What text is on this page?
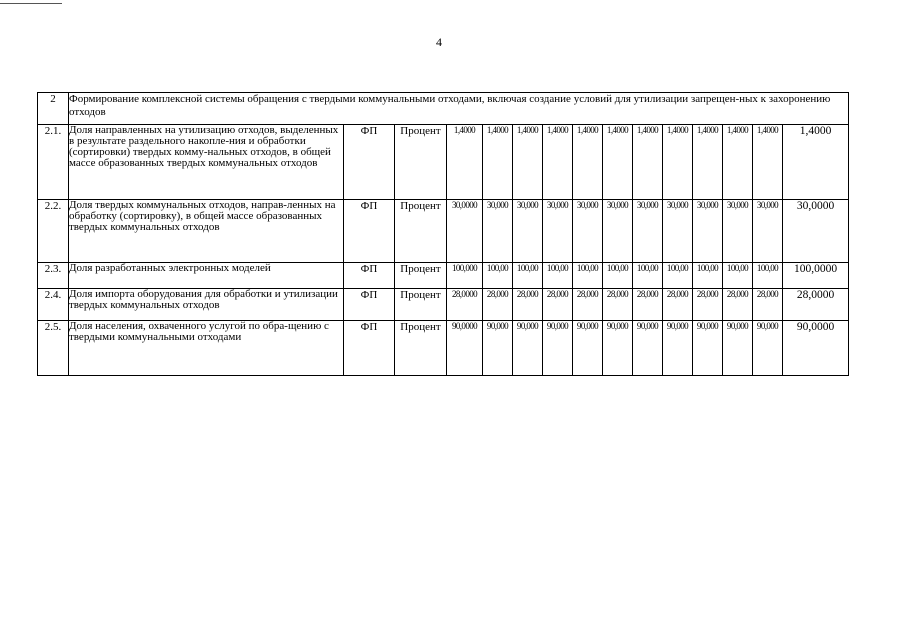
4
2	Формирование комплексной системы обращения с твердыми коммунальными отходами, включая создание условий для утилизации запрещен-ных к захоронению отходов														
2.1.	Доля направленных на утилизацию отходов, выделенных в результате раздельного накопле-ния и обработки (сортировки) твердых комму-нальных отходов, в общей массе образованных твердых коммунальных отходов	ФП	Процент	1,4000	1,4000	1,4000	1,4000	1,4000	1,4000	1,4000	1,4000	1,4000	1,4000	1,4000	1,4000
2.2.	Доля твердых коммунальных отходов, направ-ленных на обработку (сортировку), в общей массе образованных твердых коммунальных отходов	ФП	Процент	30,0000	30,000	30,000	30,000	30,000	30,000	30,000	30,000	30,000	30,000	30,000	30,0000
2.3.	Доля разработанных электронных моделей	ФП	Процент	100,000	100,00	100,00	100,00	100,00	100,00	100,00	100,00	100,00	100,00	100,00	100,0000
2.4.	Доля импорта оборудования для обработки и утилизации твердых коммунальных отходов	ФП	Процент	28,0000	28,000	28,000	28,000	28,000	28,000	28,000	28,000	28,000	28,000	28,000	28,0000
2.5.	Доля населения, охваченного услугой по обра-щению с твердыми коммунальными отходами	ФП	Процент	90,0000	90,000	90,000	90,000	90,000	90,000	90,000	90,000	90,000	90,000	90,000	90,0000
